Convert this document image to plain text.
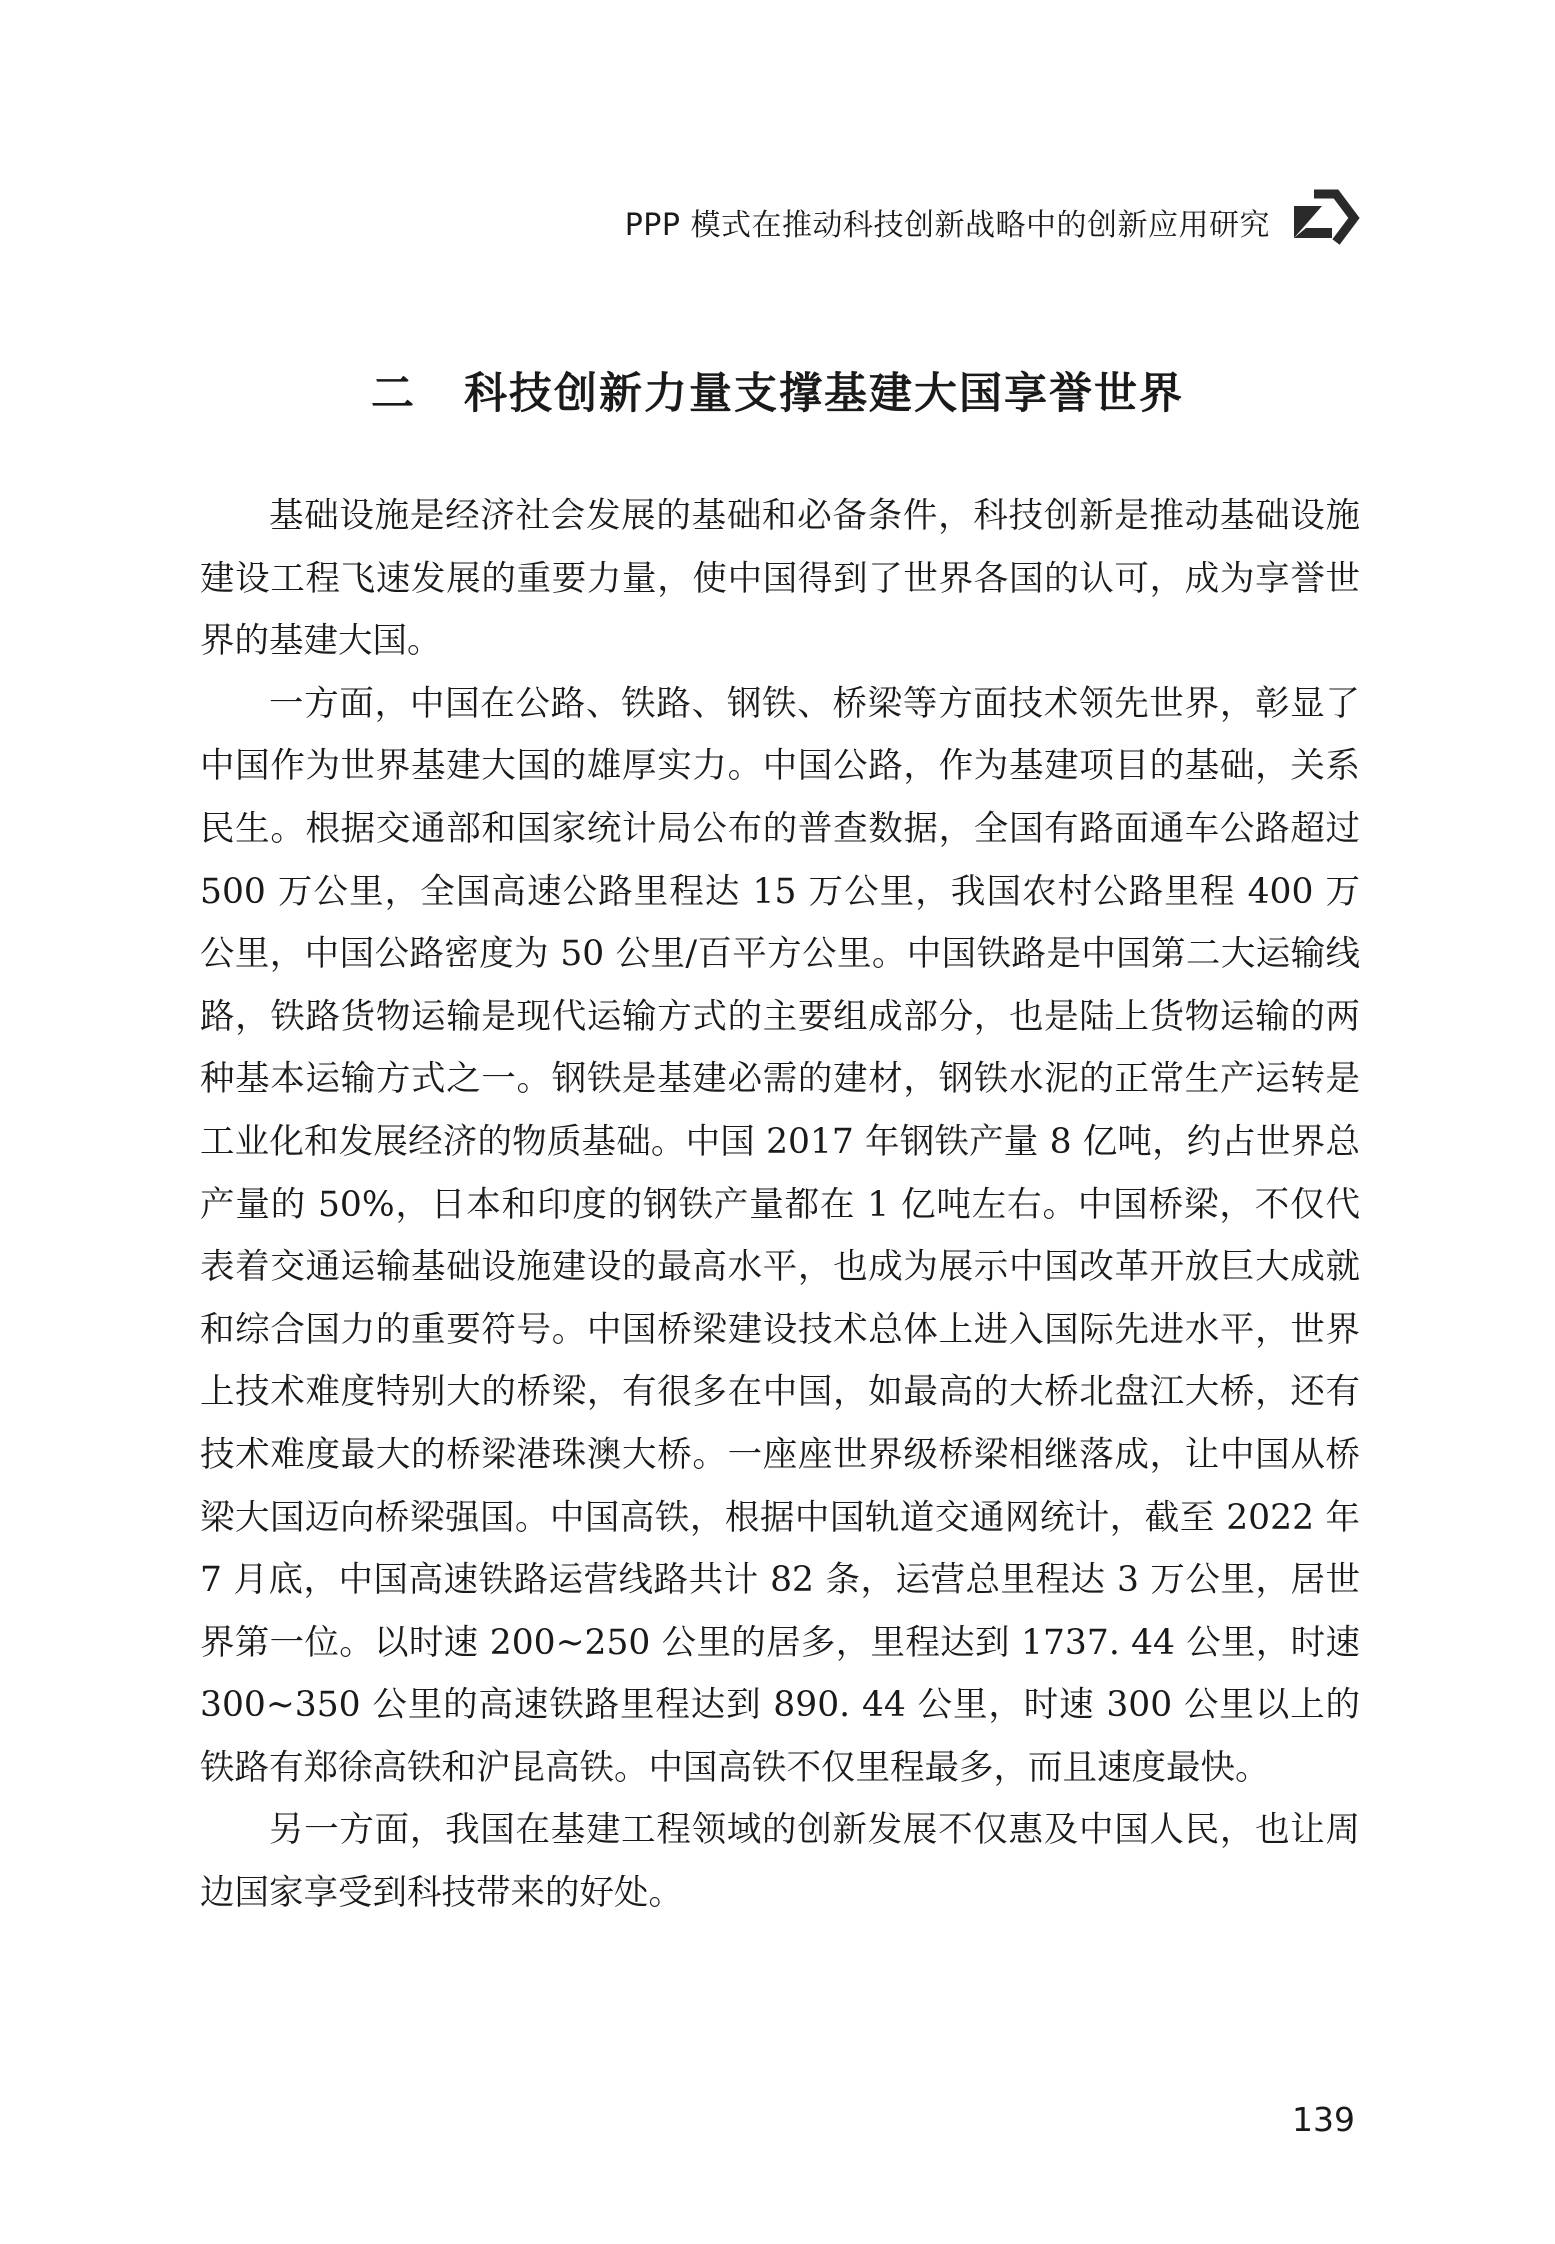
PPP 模式在推动科技创新战略中的创新应用研究
二 科技创新力量支撑基建大国享誉世界

基础设施是经济社会发展的基础和必备条件，科技创新是推动基础设施建设工程飞速发展的重要力量，使中国得到了世界各国的认可，成为享誉世界的基建大国。

一方面，中国在公路、铁路、钢铁、桥梁等方面技术领先世界，彰显了中国作为世界基建大国的雄厚实力。中国公路，作为基建项目的基础，关系民生。根据交通部和国家统计局公布的普查数据，全国有路面通车公路超过 500 万公里，全国高速公路里程达 15 万公里，我国农村公路里程 400 万公里，中国公路密度为 50 公里/百平方公里。中国铁路是中国第二大运输线路，铁路货物运输是现代运输方式的主要组成部分，也是陆上货物运输的两种基本运输方式之一。钢铁是基建必需的建材，钢铁水泥的正常生产运转是工业化和发展经济的物质基础。中国 2017 年钢铁产量 8 亿吨，约占世界总产量的 50%，日本和印度的钢铁产量都在 1 亿吨左右。中国桥梁，不仅代表着交通运输基础设施建设的最高水平，也成为展示中国改革开放巨大成就和综合国力的重要符号。中国桥梁建设技术总体上进入国际先进水平，世界上技术难度特别大的桥梁，有很多在中国，如最高的大桥北盘江大桥，还有技术难度最大的桥梁港珠澳大桥。一座座世界级桥梁相继落成，让中国从桥梁大国迈向桥梁强国。中国高铁，根据中国轨道交通网统计，截至 2022 年 7 月底，中国高速铁路运营线路共计 82 条，运营总里程达 3 万公里，居世界第一位。以时速 200~250 公里的居多，里程达到 1737. 44 公里，时速 300~350 公里的高速铁路里程达到 890. 44 公里，时速 300 公里以上的铁路有郑徐高铁和沪昆高铁。中国高铁不仅里程最多，而且速度最快。

另一方面，我国在基建工程领域的创新发展不仅惠及中国人民，也让周边国家享受到科技带来的好处。

139
